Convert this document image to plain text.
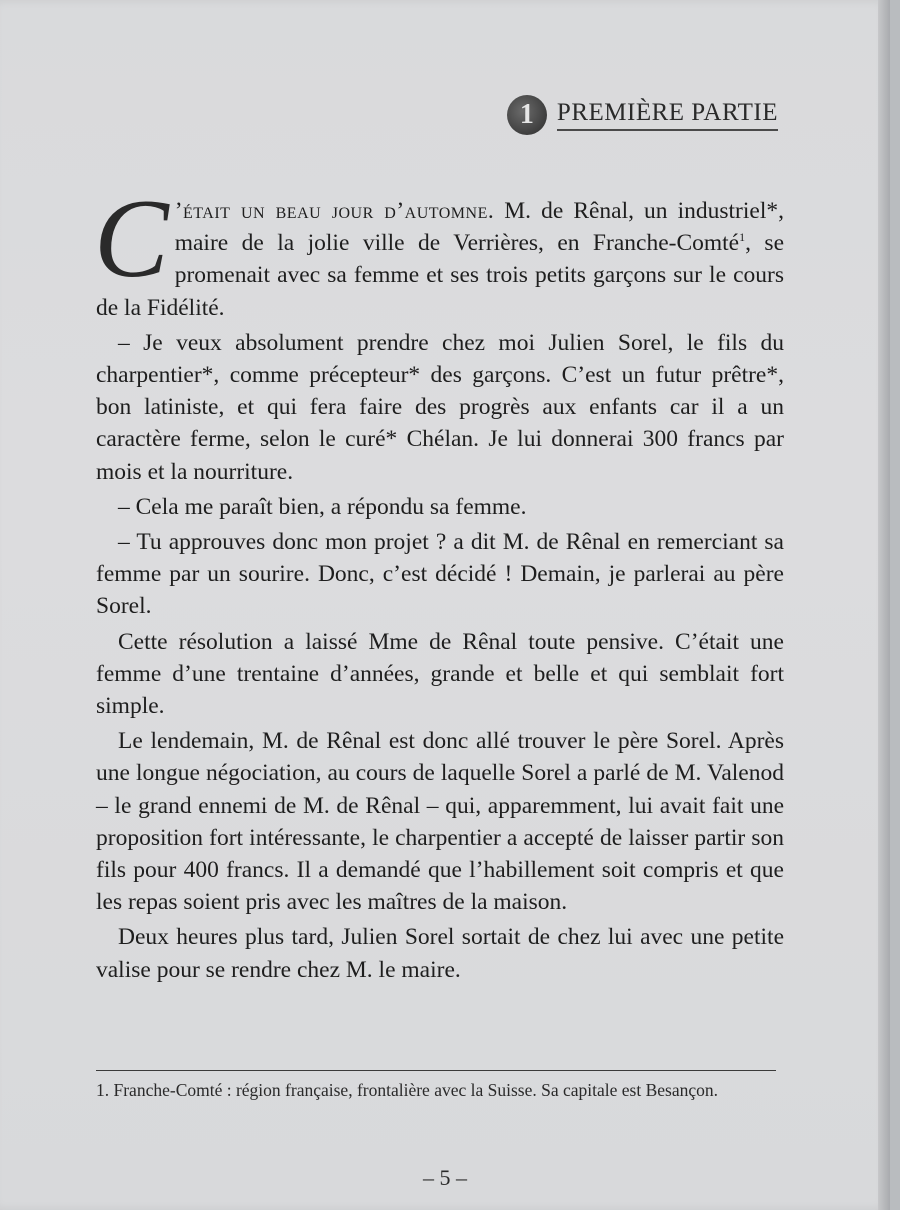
1 PREMIÈRE PARTIE

C ’était un beau jour d’automne. M. de Rênal, un industriel*, maire de la jolie ville de Verrières, en Franche-Comté$^1$, se promenait avec sa femme et ses trois petits garçons sur le cours de la Fidélité.

– Je veux absolument prendre chez moi Julien Sorel, le fils du charpentier*, comme précepteur* des garçons. C’est un futur prêtre*, bon latiniste, et qui fera faire des progrès aux enfants car il a un caractère ferme, selon le curé* Chélan. Je lui donnerai 300 francs par mois et la nourriture.

– Cela me paraît bien, a répondu sa femme.

– Tu approuves donc mon projet ? a dit M. de Rênal en remerciant sa femme par un sourire. Donc, c’est décidé ! Demain, je parlerai au père Sorel.

Cette résolution a laissé Mme de Rênal toute pensive. C’était une femme d’une trentaine d’années, grande et belle et qui semblait fort simple.

Le lendemain, M. de Rênal est donc allé trouver le père Sorel. Après une longue négociation, au cours de laquelle Sorel a parlé de M. Valenod – le grand ennemi de M. de Rênal – qui, apparemment, lui avait fait une proposition fort intéressante, le charpentier a accepté de laisser partir son fils pour 400 francs. Il a demandé que l’habillement soit compris et que les repas soient pris avec les maîtres de la maison.

Deux heures plus tard, Julien Sorel sortait de chez lui avec une petite valise pour se rendre chez M. le maire.

1. Franche-Comté : région française, frontalière avec la Suisse. Sa capitale est Besançon.
– 5 –
